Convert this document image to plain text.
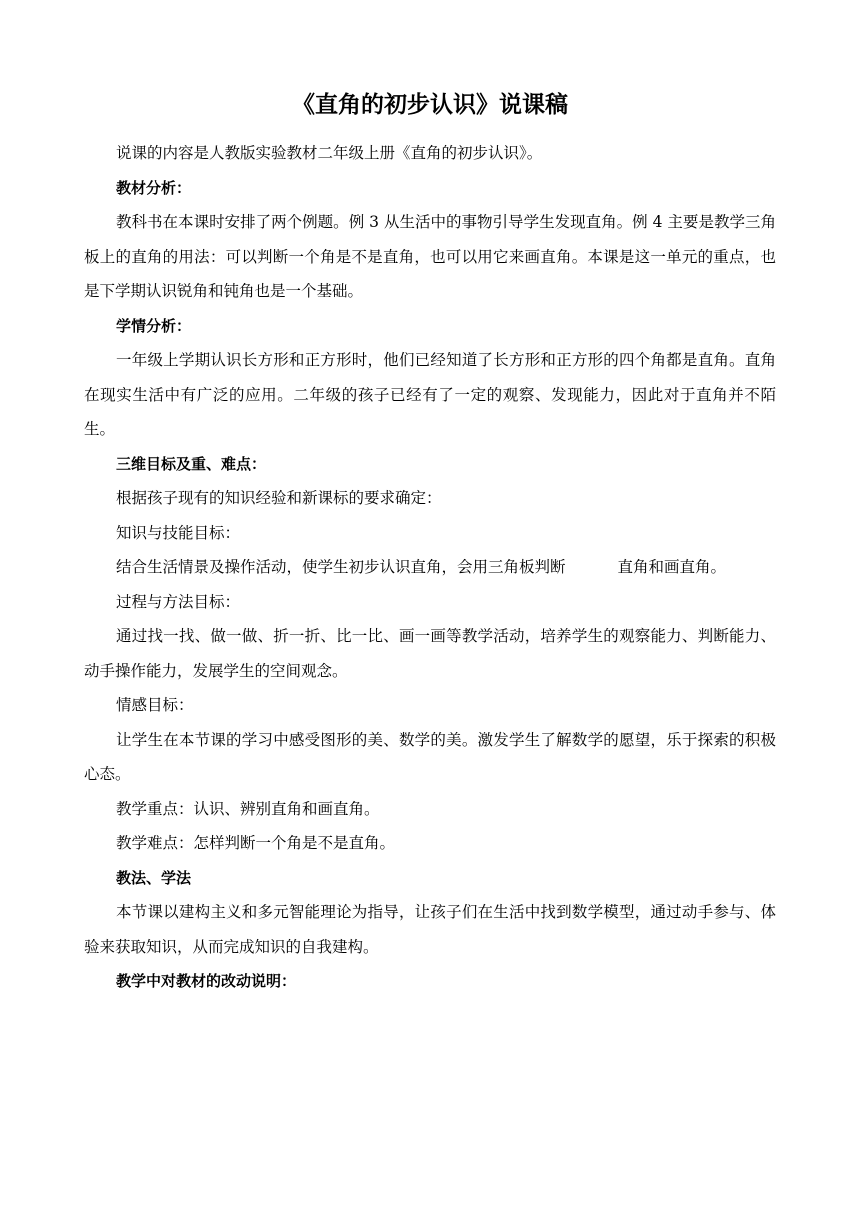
《直角的初步认识》说课稿

说课的内容是人教版实验教材二年级上册《直角的初步认识》。

教材分析：

教科书在本课时安排了两个例题。例 3 从生活中的事物引导学生发现直角。例 4 主要是教学三角板上的直角的用法：可以判断一个角是不是直角，也可以用它来画直角。本课是这一单元的重点，也是下学期认识锐角和钝角也是一个基础。

学情分析：

一年级上学期认识长方形和正方形时，他们已经知道了长方形和正方形的四个角都是直角。直角在现实生活中有广泛的应用。二年级的孩子已经有了一定的观察、发现能力，因此对于直角并不陌生。

三维目标及重、难点：

根据孩子现有的知识经验和新课标的要求确定：

知识与技能目标：

结合生活情景及操作活动，使学生初步认识直角，会用三角板判断	直角和画直角。

过程与方法目标：

通过找一找、做一做、折一折、比一比、画一画等教学活动，培养学生的观察能力、判断能力、动手操作能力，发展学生的空间观念。

情感目标：

让学生在本节课的学习中感受图形的美、数学的美。激发学生了解数学的愿望，乐于探索的积极心态。

教学重点：认识、辨别直角和画直角。

教学难点：怎样判断一个角是不是直角。

教法、学法

本节课以建构主义和多元智能理论为指导，让孩子们在生活中找到数学模型，通过动手参与、体验来获取知识，从而完成知识的自我建构。

教学中对教材的改动说明：
